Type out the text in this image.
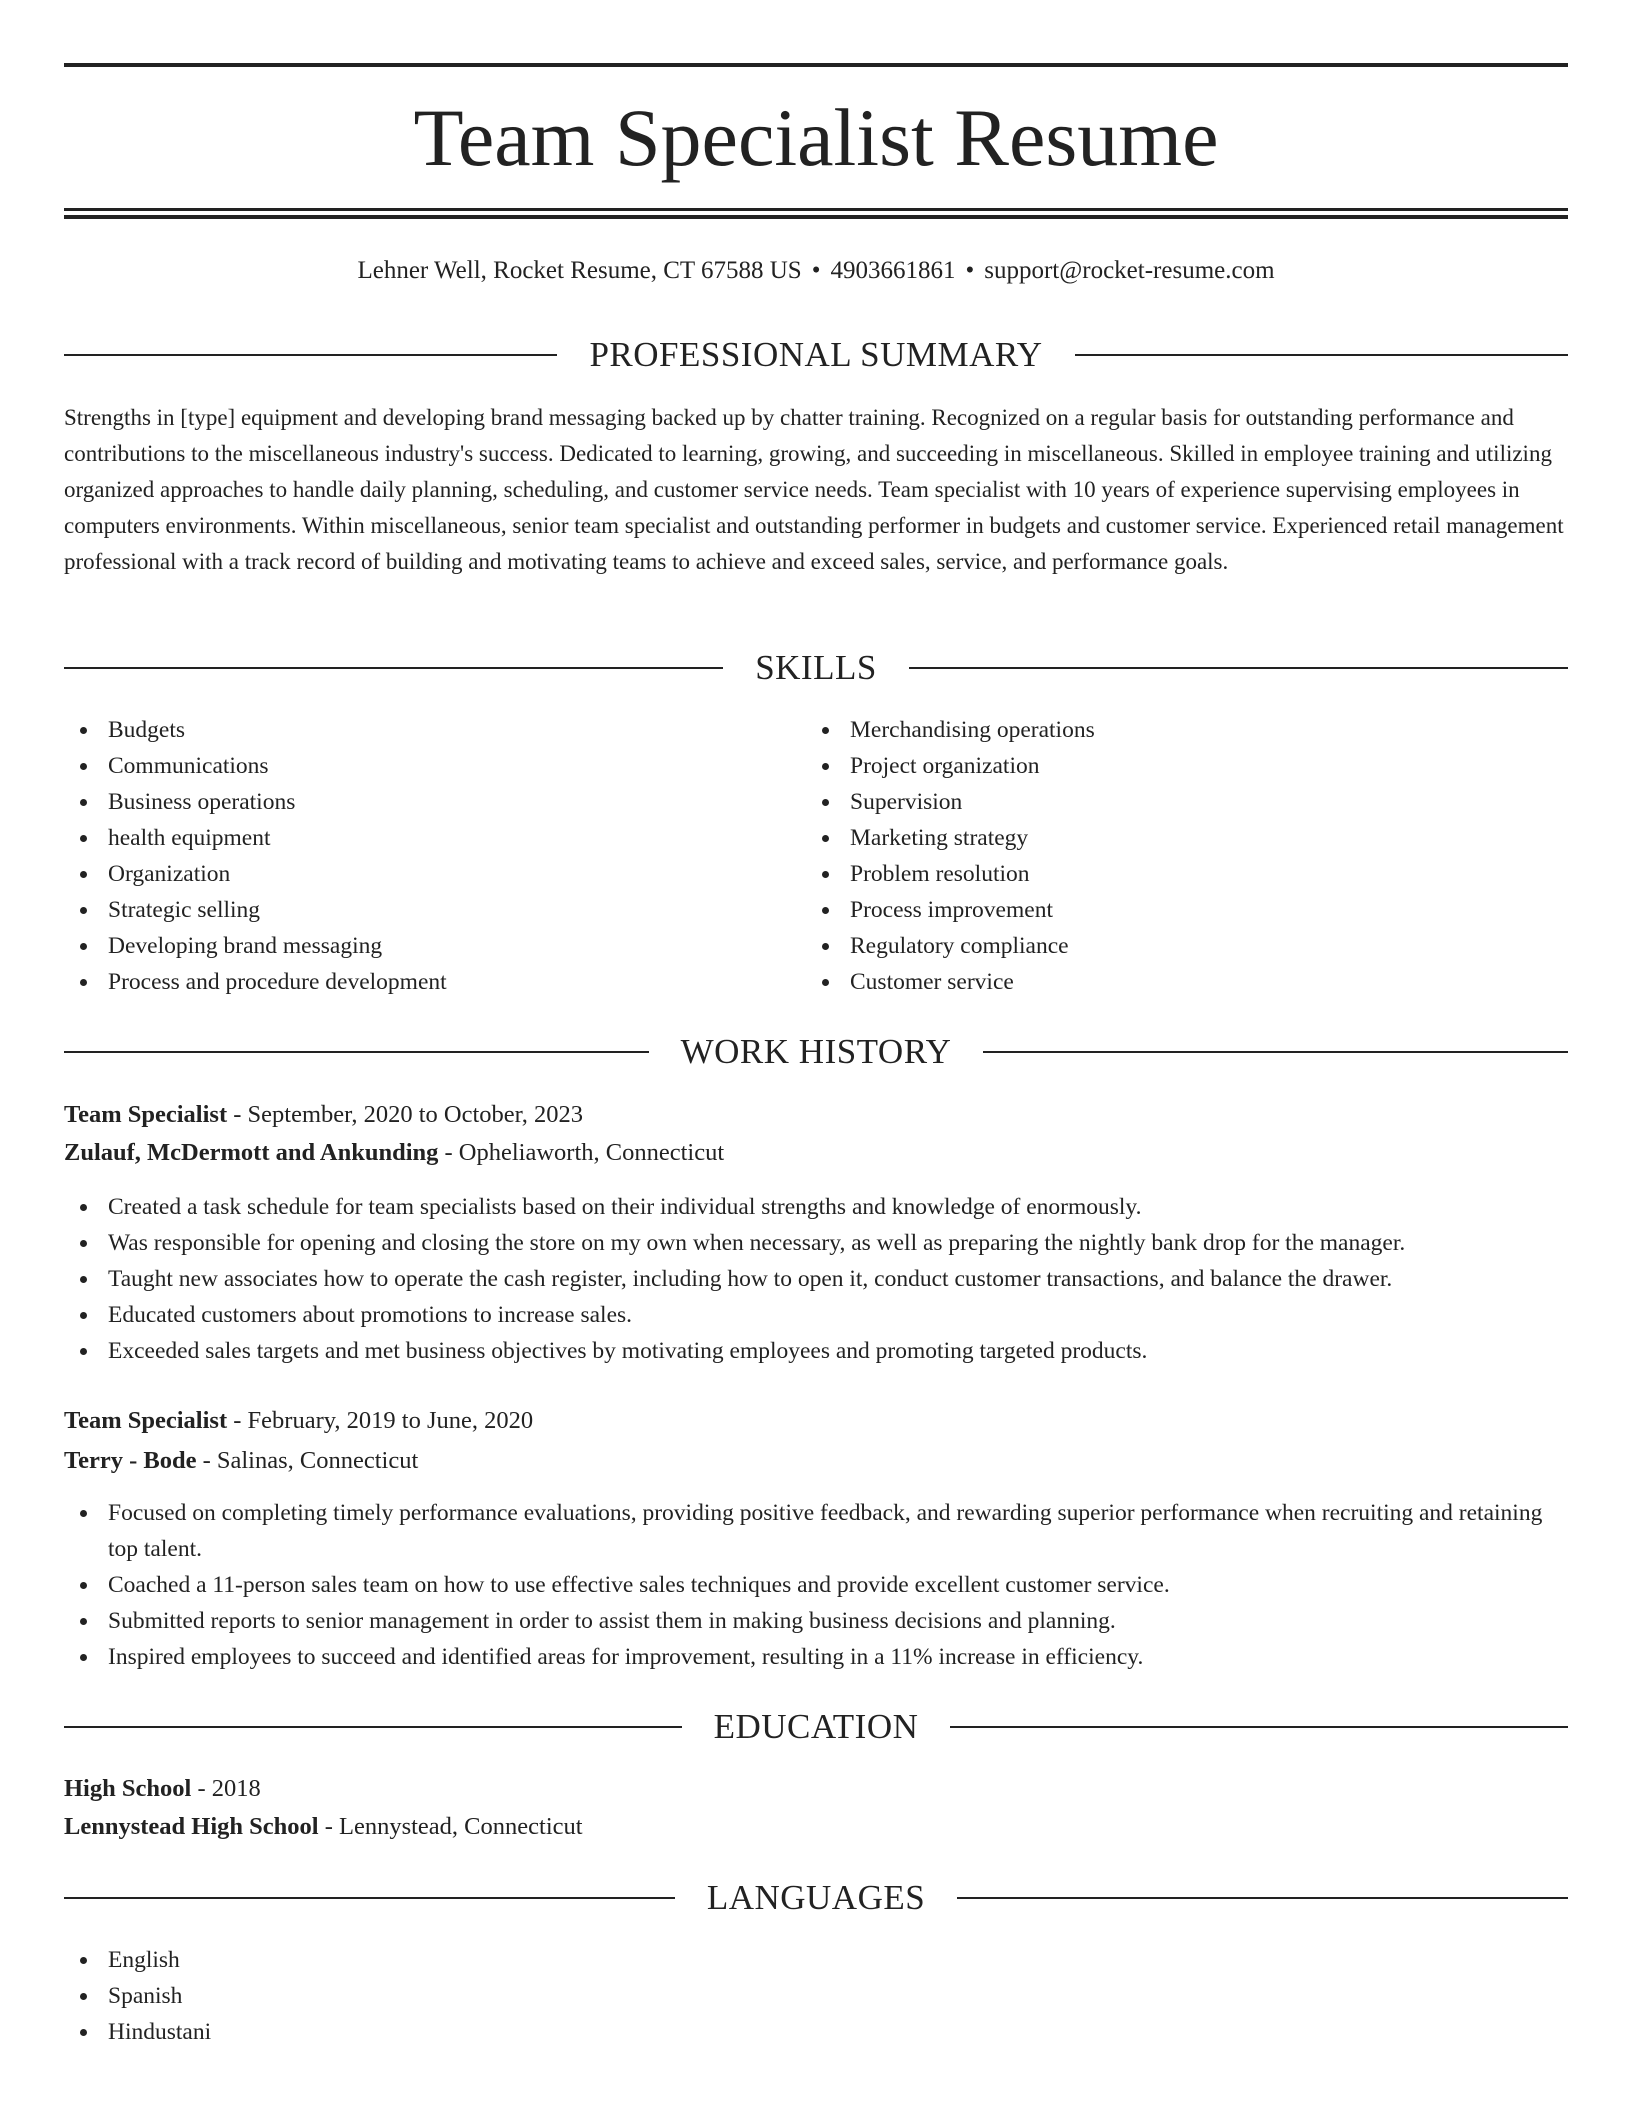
Team Specialist Resume
Lehner Well, Rocket Resume, CT 67588 US • 4903661861 • support@rocket-resume.com
PROFESSIONAL SUMMARY

Strengths in [type] equipment and developing brand messaging backed up by chatter training. Recognized on a regular basis for outstanding performance and contributions to the miscellaneous industry's success. Dedicated to learning, growing, and succeeding in miscellaneous. Skilled in employee training and utilizing organized approaches to handle daily planning, scheduling, and customer service needs. Team specialist with 10 years of experience supervising employees in computers environments. Within miscellaneous, senior team specialist and outstanding performer in budgets and customer service. Experienced retail management professional with a track record of building and motivating teams to achieve and exceed sales, service, and performance goals.

SKILLS
Budgets
Communications
Business operations
health equipment
Organization
Strategic selling
Developing brand messaging
Process and procedure development
Merchandising operations
Project organization
Supervision
Marketing strategy
Problem resolution
Process improvement
Regulatory compliance
Customer service
WORK HISTORY
Team Specialist - September, 2020 to October, 2023
Zulauf, McDermott and Ankunding - Opheliaworth, Connecticut
Created a task schedule for team specialists based on their individual strengths and knowledge of enormously.
Was responsible for opening and closing the store on my own when necessary, as well as preparing the nightly bank drop for the manager.
Taught new associates how to operate the cash register, including how to open it, conduct customer transactions, and balance the drawer.
Educated customers about promotions to increase sales.
Exceeded sales targets and met business objectives by motivating employees and promoting targeted products.
Team Specialist - February, 2019 to June, 2020
Terry - Bode - Salinas, Connecticut
Focused on completing timely performance evaluations, providing positive feedback, and rewarding superior performance when recruiting and retaining top talent.
Coached a 11-person sales team on how to use effective sales techniques and provide excellent customer service.
Submitted reports to senior management in order to assist them in making business decisions and planning.
Inspired employees to succeed and identified areas for improvement, resulting in a 11% increase in efficiency.
EDUCATION
High School - 2018
Lennystead High School - Lennystead, Connecticut
LANGUAGES
English
Spanish
Hindustani
